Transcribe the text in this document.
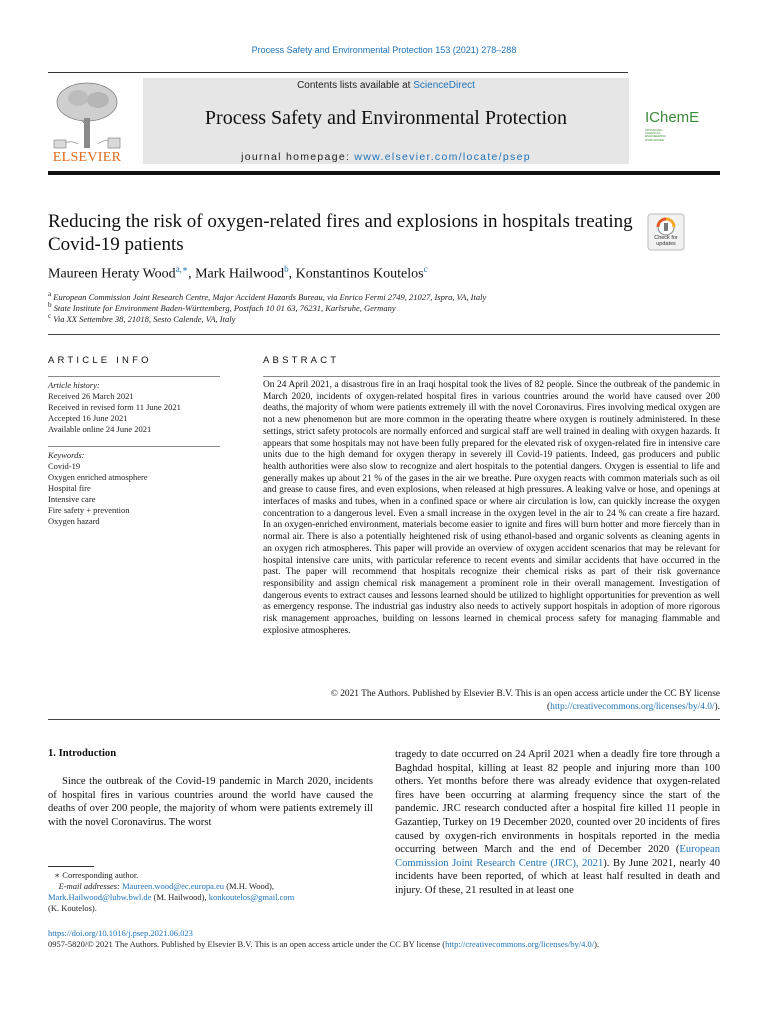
Process Safety and Environmental Protection 153 (2021) 278–288
ELSEVIER
Contents lists available at ScienceDirect
Process Safety and Environmental Protection
journal homepage: www.elsevier.com/locate/psep
IChemE ADVANCING CHEMICAL ENGINEERING WORLDWIDE
Reducing the risk of oxygen-related fires and explosions in hospitals treating Covid-19 patients	Check for updates
Maureen Heraty Wood$^{a,∗}$, Mark Hailwood$^b$, Konstantinos Koutelos$^c$
$^a$ European Commission Joint Research Centre, Major Accident Hazards Bureau, via Enrico Fermi 2749, 21027, Ispra, VA, Italy
$^b$ State Institute for Environment Baden-Württemberg, Postfach 10 01 63, 76231, Karlsruhe, Germany
$^c$ Via XX Settembre 38, 21018, Sesto Calende, VA, Italy
ARTICLE INFO
Article history:
Received 26 March 2021
Received in revised form 11 June 2021
Accepted 16 June 2021
Available online 24 June 2021
Keywords:
Covid-19
Oxygen enriched atmosphere
Hospital fire
Intensive care
Fire safety + prevention
Oxygen hazard
ABSTRACT
On 24 April 2021, a disastrous fire in an Iraqi hospital took the lives of 82 people. Since the outbreak of the pandemic in March 2020, incidents of oxygen-related hospital fires in various countries around the world have caused over 200 deaths, the majority of whom were patients extremely ill with the novel Coronavirus. Fires involving medical oxygen are not a new phenomenon but are more common in the operating theatre where oxygen is routinely administered. In these settings, strict safety protocols are normally enforced and surgical staff are well trained in dealing with oxygen hazards. It appears that some hospitals may not have been fully prepared for the elevated risk of oxygen-related fire in intensive care units due to the high demand for oxygen therapy in severely ill Covid-19 patients. Indeed, gas producers and public health authorities were also slow to recognize and alert hospitals to the potential dangers. Oxygen is essential to life and generally makes up about 21 % of the gases in the air we breathe. Pure oxygen reacts with common materials such as oil and grease to cause fires, and even explosions, when released at high pressures. A leaking valve or hose, and openings at interfaces of masks and tubes, when in a confined space or where air circulation is low, can quickly increase the oxygen concentration to a dangerous level. Even a small increase in the oxygen level in the air to 24 % can create a fire hazard. In an oxygen-enriched environment, materials become easier to ignite and fires will burn hotter and more fiercely than in normal air. There is also a potentially heightened risk of using ethanol-based and organic solvents as cleaning agents in an oxygen rich atmospheres. This paper will provide an overview of oxygen accident scenarios that may be relevant for hospital intensive care units, with particular reference to recent events and similar accidents that have occurred in the past. The paper will recommend that hospitals recognize their chemical risks as part of their risk governance responsibility and assign chemical risk management a prominent role in their overall management. Investigation of dangerous events to extract causes and lessons learned should be utilized to highlight opportunities for prevention as well as emergency response. The industrial gas industry also needs to actively support hospitals in adoption of more rigorous risk management approaches, building on lessons learned in chemical process safety for managing flammable and explosive atmospheres.
© 2021 The Authors. Published by Elsevier B.V. This is an open access article under the CC BY license
(http://creativecommons.org/licenses/by/4.0/).
1. Introduction
Since the outbreak of the Covid-19 pandemic in March 2020, incidents of hospital fires in various countries around the world have caused the deaths of over 200 people, the majority of whom were patients extremely ill with the novel Coronavirus. The worst
tragedy to date occurred on 24 April 2021 when a deadly fire tore through a Baghdad hospital, killing at least 82 people and injuring more than 100 others. Yet months before there was already evidence that oxygen-related fires have been occurring at alarming frequency since the start of the pandemic. JRC research conducted after a hospital fire killed 11 people in Gazantiep, Turkey on 19 December 2020, counted over 20 incidents of fires caused by oxygen-rich environments in hospitals reported in the media occurring between March and the end of December 2020 (European Commission Joint Research Centre (JRC), 2021). By June 2021, nearly 40 incidents have been reported, of which at least half resulted in death and injury. Of these, 21 resulted in at least one
∗ Corresponding author.
E-mail addresses: Maureen.wood@ec.europa.eu (M.H. Wood),
Mark.Hailwood@lubw.bwl.de (M. Hailwood), konkoutelos@gmail.com
(K. Koutelos).
https://doi.org/10.1016/j.psep.2021.06.023
0957-5820/© 2021 The Authors. Published by Elsevier B.V. This is an open access article under the CC BY license (http://creativecommons.org/licenses/by/4.0/).
